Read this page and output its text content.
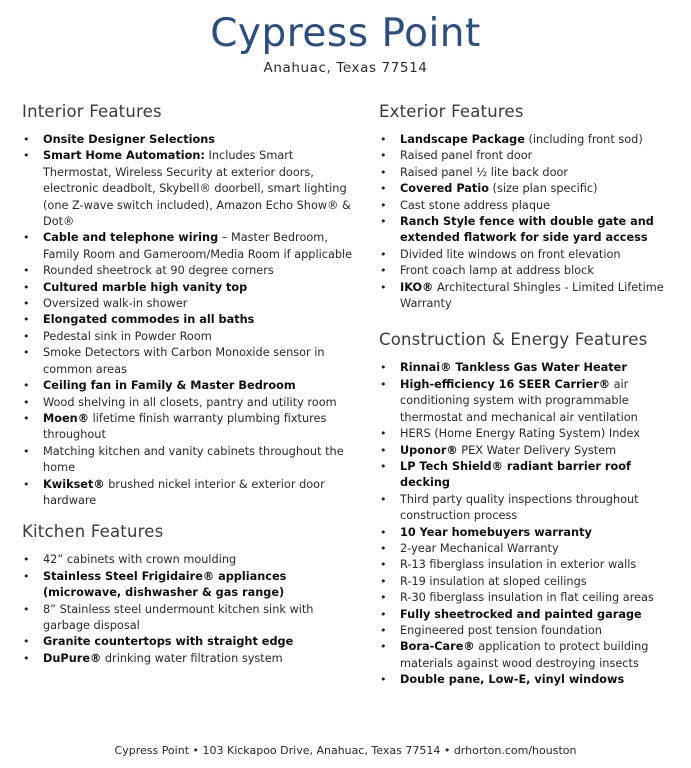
Cypress Point
Anahuac, Texas 77514
Interior Features
• Onsite Designer Selections
• Smart Home Automation: Includes Smart Thermostat, Wireless Security at exterior doors, electronic deadbolt, Skybell® doorbell, smart lighting (one Z-wave switch included), Amazon Echo Show® & Dot®
• Cable and telephone wiring – Master Bedroom, Family Room and Gameroom/Media Room if applicable
• Rounded sheetrock at 90 degree corners
• Cultured marble high vanity top
• Oversized walk-in shower
• Elongated commodes in all baths
• Pedestal sink in Powder Room
• Smoke Detectors with Carbon Monoxide sensor in common areas
• Ceiling fan in Family & Master Bedroom
• Wood shelving in all closets, pantry and utility room
• Moen® lifetime finish warranty plumbing fixtures throughout
• Matching kitchen and vanity cabinets throughout the home
• Kwikset® brushed nickel interior & exterior door hardware
Kitchen Features
• 42” cabinets with crown moulding
• Stainless Steel Frigidaire® appliances (microwave, dishwasher & gas range)
• 8” Stainless steel undermount kitchen sink with garbage disposal
• Granite countertops with straight edge
• DuPure® drinking water filtration system
Exterior Features
• Landscape Package (including front sod)
• Raised panel front door
• Raised panel ½ lite back door
• Covered Patio (size plan specific)
• Cast stone address plaque
• Ranch Style fence with double gate and extended flatwork for side yard access
• Divided lite windows on front elevation
• Front coach lamp at address block
• IKO® Architectural Shingles - Limited Lifetime Warranty
Construction & Energy Features
• Rinnai® Tankless Gas Water Heater
• High-efficiency 16 SEER Carrier® air conditioning system with programmable thermostat and mechanical air ventilation
• HERS (Home Energy Rating System) Index
• Uponor® PEX Water Delivery System
• LP Tech Shield® radiant barrier roof decking
• Third party quality inspections throughout construction process
• 10 Year homebuyers warranty
• 2-year Mechanical Warranty
• R-13 fiberglass insulation in exterior walls
• R-19 insulation at sloped ceilings
• R-30 fiberglass insulation in flat ceiling areas
• Fully sheetrocked and painted garage
• Engineered post tension foundation
• Bora-Care® application to protect building materials against wood destroying insects
• Double pane, Low-E, vinyl windows
Cypress Point • 103 Kickapoo Drive, Anahuac, Texas 77514 • drhorton.com/houston
